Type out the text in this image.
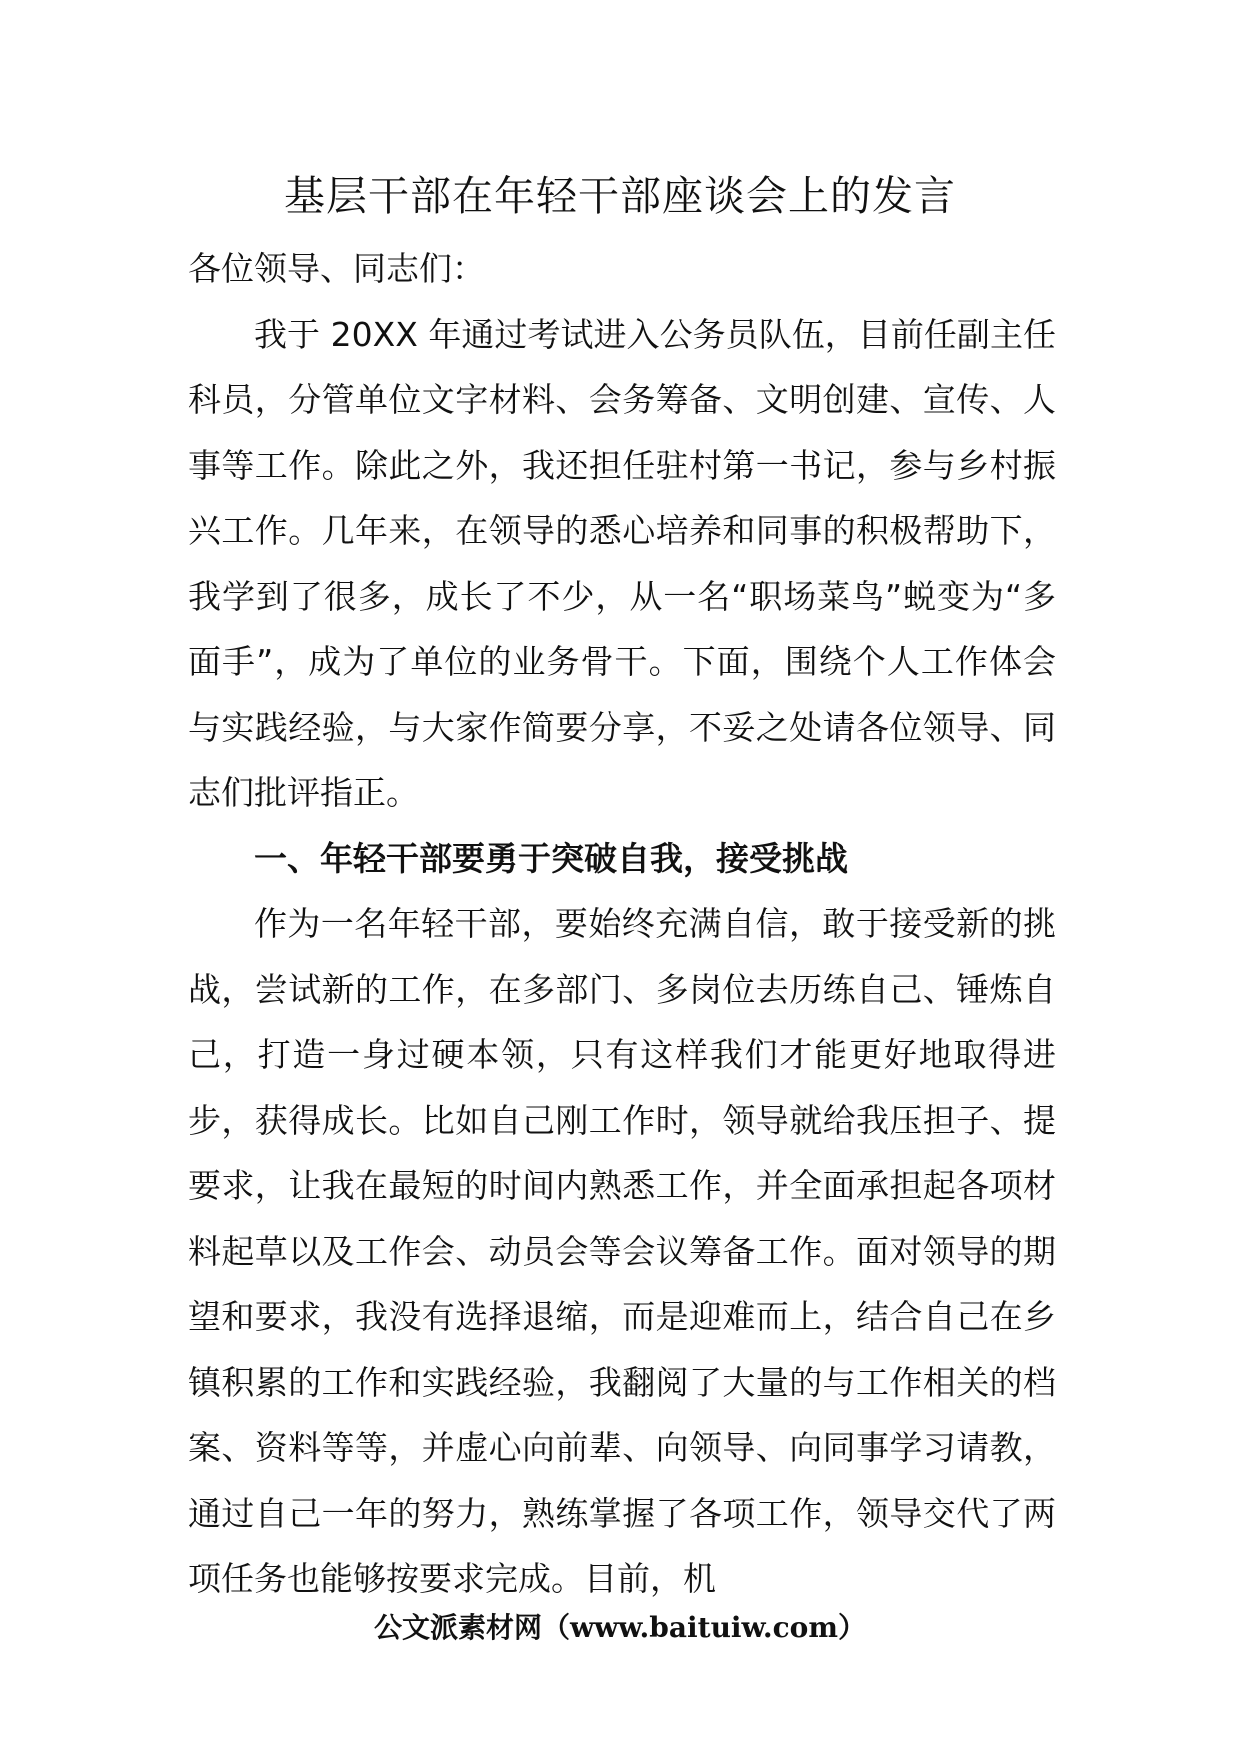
基层干部在年轻干部座谈会上的发言

各位领导、同志们：

我于 20XX 年通过考试进入公务员队伍，目前任副主任科员，分管单位文字材料、会务筹备、文明创建、宣传、人事等工作。除此之外，我还担任驻村第一书记，参与乡村振兴工作。几年来，在领导的悉心培养和同事的积极帮助下，我学到了很多，成长了不少，从一名“职场菜鸟”蜕变为“多面手”，成为了单位的业务骨干。下面，围绕个人工作体会与实践经验，与大家作简要分享，不妥之处请各位领导、同志们批评指正。

一、年轻干部要勇于突破自我，接受挑战

作为一名年轻干部，要始终充满自信，敢于接受新的挑战，尝试新的工作，在多部门、多岗位去历练自己、锤炼自己，打造一身过硬本领，只有这样我们才能更好地取得进步，获得成长。比如自己刚工作时，领导就给我压担子、提要求，让我在最短的时间内熟悉工作，并全面承担起各项材料起草以及工作会、动员会等会议筹备工作。面对领导的期望和要求，我没有选择退缩，而是迎难而上，结合自己在乡镇积累的工作和实践经验，我翻阅了大量的与工作相关的档案、资料等等，并虚心向前辈、向领导、向同事学习请教，通过自己一年的努力，熟练掌握了各项工作，领导交代了两项任务也能够按要求完成。目前，机

公文派素材网（www.baituiw.com）
